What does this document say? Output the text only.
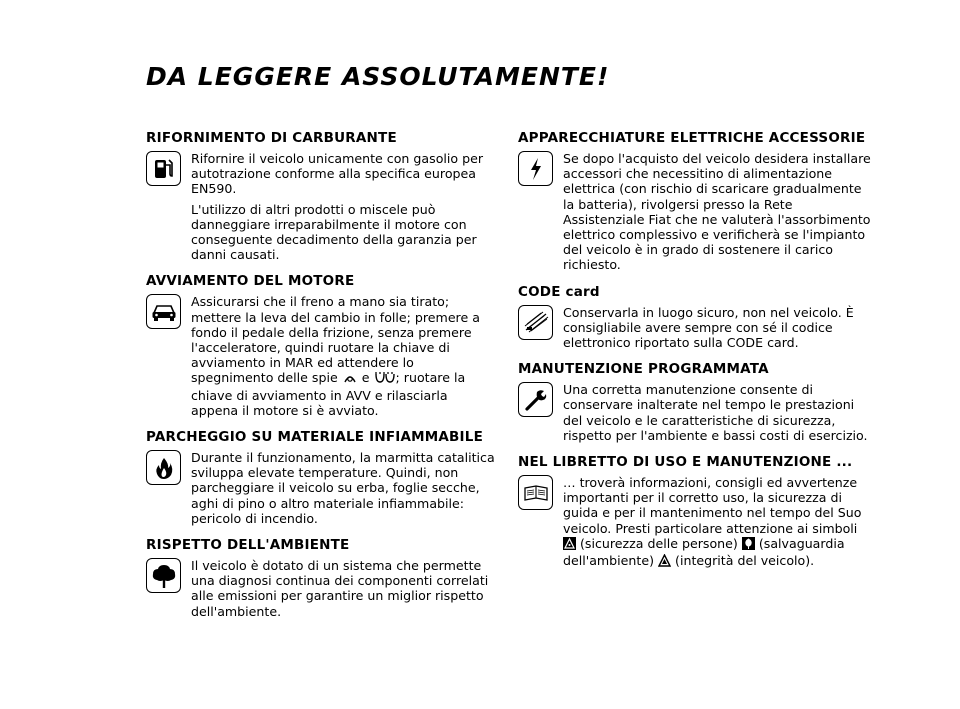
DA LEGGERE ASSOLUTAMENTE!
RIFORNIMENTO DI CARBURANTE

Rifornire il veicolo unicamente con gasolio per autotrazione conforme alla specifica europea EN590.

L'utilizzo di altri prodotti o miscele può danneggiare irreparabilmente il motore con conseguente decadimento della garanzia per danni causati.

AVVIAMENTO DEL MOTORE

Assicurarsi che il freno a mano sia tirato; mettere la leva del cambio in folle; premere a fondo il pedale della frizione, senza premere l'acceleratore, quindi ruotare la chiave di avviamento in MAR ed attendere lo spegnimento delle spie e ; ruotare la chiave di avviamento in AVV e rilasciarla appena il motore si è avviato.

PARCHEGGIO SU MATERIALE INFIAMMABILE

Durante il funzionamento, la marmitta catalitica sviluppa elevate temperature. Quindi, non parcheggiare il veicolo su erba, foglie secche, aghi di pino o altro materiale infiammabile: pericolo di incendio.

RISPETTO DELL'AMBIENTE

Il veicolo è dotato di un sistema che permette una diagnosi continua dei componenti correlati alle emissioni per garantire un miglior rispetto dell'ambiente.

APPARECCHIATURE ELETTRICHE ACCESSORIE

Se dopo l'acquisto del veicolo desidera installare accessori che necessitino di alimentazione elettrica (con rischio di scaricare gradualmente la batteria), rivolgersi presso la Rete Assistenziale Fiat che ne valuterà l'assorbimento elettrico complessivo e verificherà se l'impianto del veicolo è in grado di sostenere il carico richiesto.

CODE card

Conservarla in luogo sicuro, non nel veicolo. È consigliabile avere sempre con sé il codice elettronico riportato sulla CODE card.

MANUTENZIONE PROGRAMMATA

Una corretta manutenzione consente di conservare inalterate nel tempo le prestazioni del veicolo e le caratteristiche di sicurezza, rispetto per l'ambiente e bassi costi di esercizio.

NEL LIBRETTO DI USO E MANUTENZIONE ...

… troverà informazioni, consigli ed avvertenze importanti per il corretto uso, la sicurezza di guida e per il mantenimento nel tempo del Suo veicolo. Presti particolare attenzione ai simboli  (sicurezza delle persone) (salvaguardia dell'ambiente) (integrità del veicolo).
